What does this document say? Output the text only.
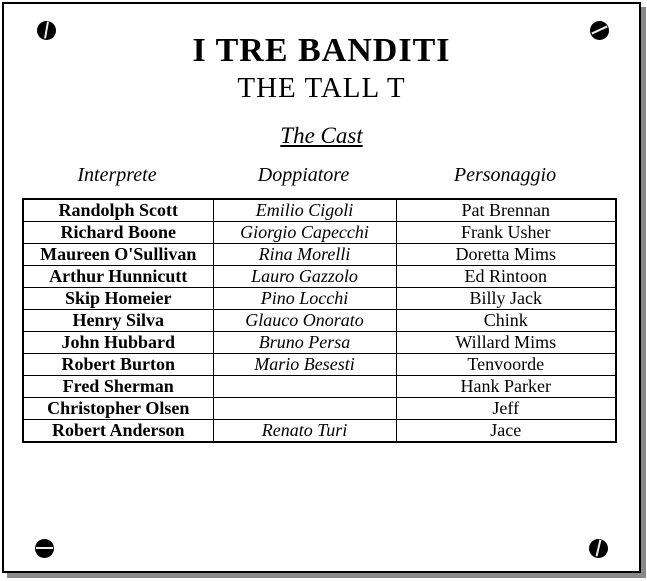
I TRE BANDITI
THE TALL T
The Cast
Interprete	Doppiatore	Personaggio
Randolph Scott	Emilio Cigoli	Pat Brennan
Richard Boone	Giorgio Capecchi	Frank Usher
Maureen O'Sullivan	Rina Morelli	Doretta Mims
Arthur Hunnicutt	Lauro Gazzolo	Ed Rintoon
Skip Homeier	Pino Locchi	Billy Jack
Henry Silva	Glauco Onorato	Chink
John Hubbard	Bruno Persa	Willard Mims
Robert Burton	Mario Besesti	Tenvoorde
Fred Sherman		Hank Parker
Christopher Olsen		Jeff
Robert Anderson	Renato Turi	Jace
